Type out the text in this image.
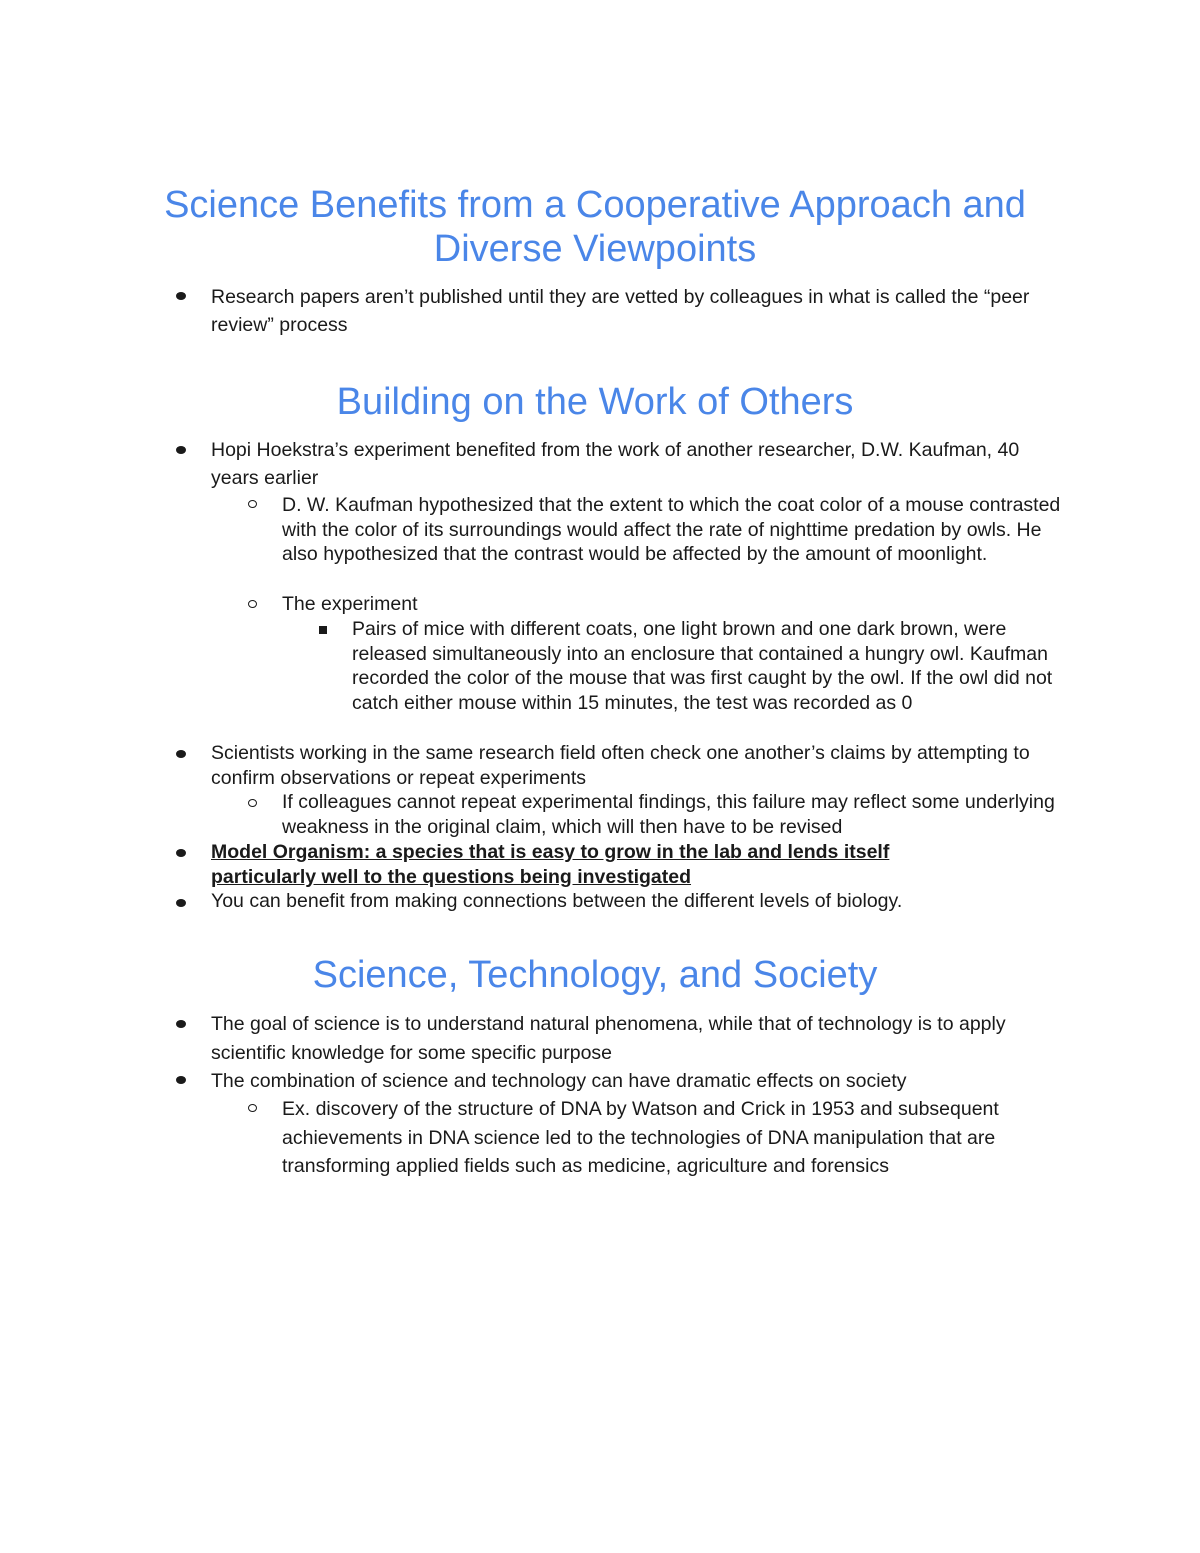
Science Benefits from a Cooperative Approach and Diverse Viewpoints

Research papers aren’t published until they are vetted by colleagues in what is called the “peer review” process

Building on the Work of Others

Hopi Hoekstra’s experiment benefited from the work of another researcher, D.W. Kaufman, 40 years earlier

D. W. Kaufman hypothesized that the extent to which the coat color of a mouse contrasted with the color of its surroundings would affect the rate of nighttime predation by owls. He also hypothesized that the contrast would be affected by the amount of moonlight.

The experiment

Pairs of mice with different coats, one light brown and one dark brown, were released simultaneously into an enclosure that contained a hungry owl. Kaufman recorded the color of the mouse that was first caught by the owl. If the owl did not catch either mouse within 15 minutes, the test was recorded as 0

Scientists working in the same research field often check one another’s claims by attempting to confirm observations or repeat experiments

If colleagues cannot repeat experimental findings, this failure may reflect some underlying weakness in the original claim, which will then have to be revised

Model Organism: a species that is easy to grow in the lab and lends itself particularly well to the questions being investigated

You can benefit from making connections between the different levels of biology.

Science, Technology, and Society

The goal of science is to understand natural phenomena, while that of technology is to apply scientific knowledge for some specific purpose

The combination of science and technology can have dramatic effects on society

Ex. discovery of the structure of DNA by Watson and Crick in 1953 and subsequent achievements in DNA science led to the technologies of DNA manipulation that are transforming applied fields such as medicine, agriculture and forensics
